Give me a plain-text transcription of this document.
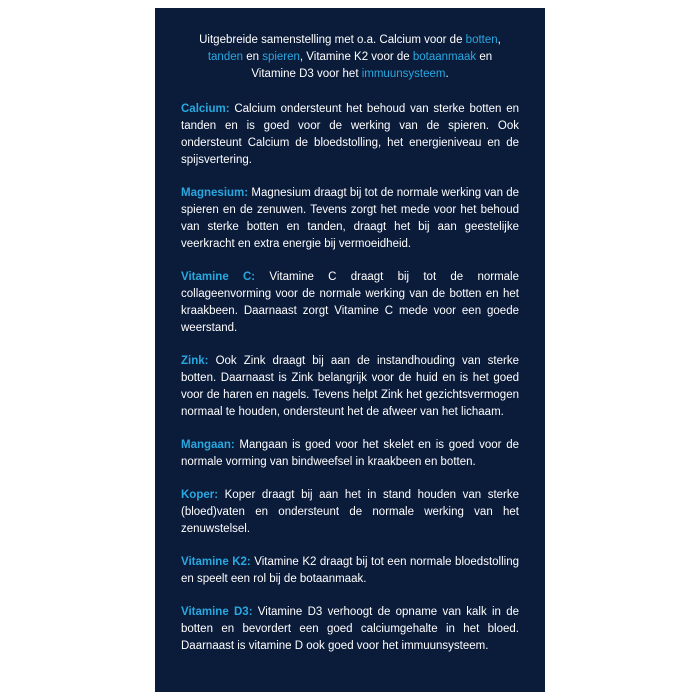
Uitgebreide samenstelling met o.a. Calcium voor de botten, tanden en spieren, Vitamine K2 voor de botaanmaak en Vitamine D3 voor het immuunsysteem.

Calcium: Calcium ondersteunt het behoud van sterke botten en tanden en is goed voor de werking van de spieren. Ook ondersteunt Calcium de bloedstolling, het energieniveau en de spijsvertering.

Magnesium: Magnesium draagt bij tot de normale werking van de spieren en de zenuwen. Tevens zorgt het mede voor het behoud van sterke botten en tanden, draagt het bij aan geestelijke veerkracht en extra energie bij vermoeidheid.

Vitamine C: Vitamine C draagt bij tot de normale collageenvorming voor de normale werking van de botten en het kraakbeen. Daarnaast zorgt Vitamine C mede voor een goede weerstand.

Zink: Ook Zink draagt bij aan de instandhouding van sterke botten. Daarnaast is Zink belangrijk voor de huid en is het goed voor de haren en nagels. Tevens helpt Zink het gezichtsvermogen normaal te houden, ondersteunt het de afweer van het lichaam.

Mangaan: Mangaan is goed voor het skelet en is goed voor de normale vorming van bindweefsel in kraakbeen en botten.

Koper: Koper draagt bij aan het in stand houden van sterke (bloed)vaten en ondersteunt de normale werking van het zenuwstelsel.

Vitamine K2: Vitamine K2 draagt bij tot een normale bloedstolling en speelt een rol bij de botaanmaak.

Vitamine D3: Vitamine D3 verhoogt de opname van kalk in de botten en bevordert een goed calciumgehalte in het bloed. Daarnaast is vitamine D ook goed voor het immuunsysteem.
